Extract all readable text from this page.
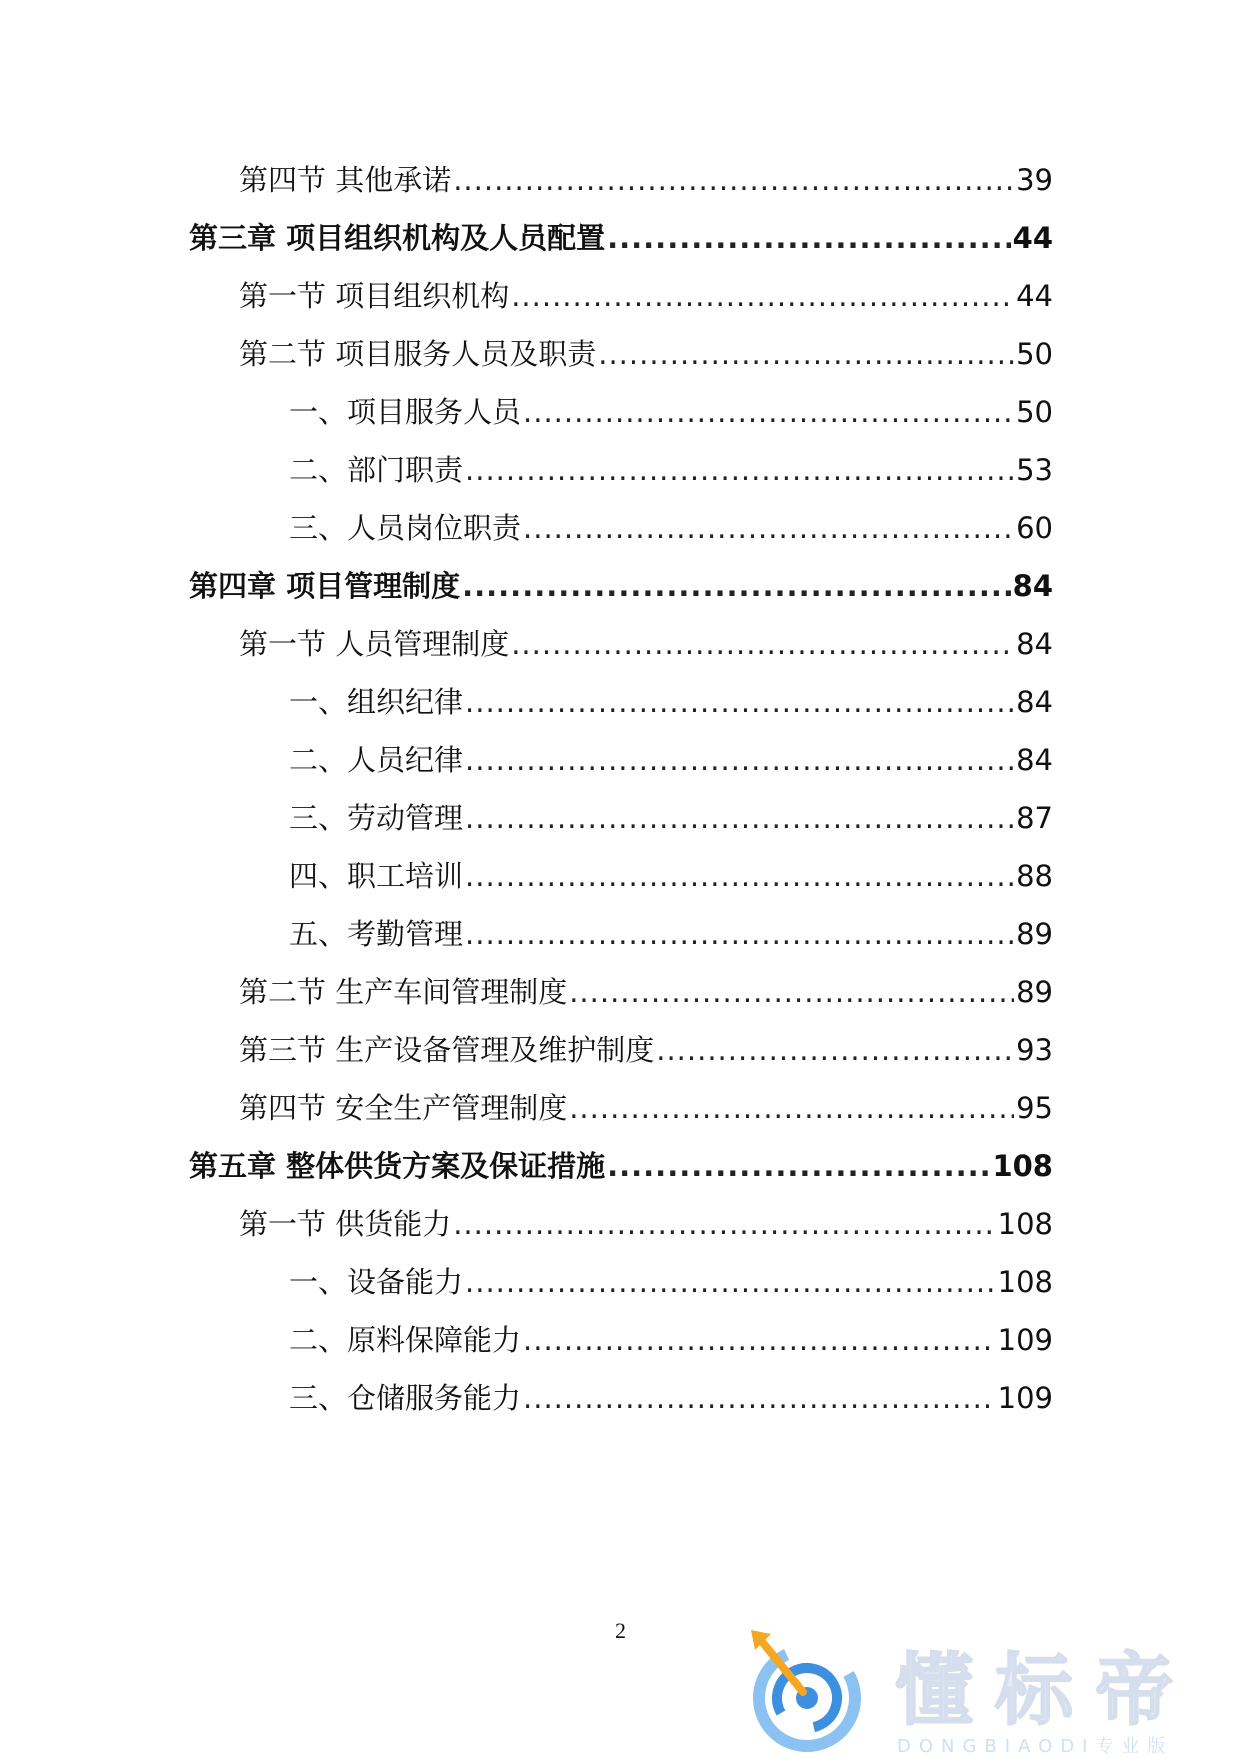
第四节 其他承诺 .....	39
第三章 项目组织机构及人员配置 .....	44
第一节 项目组织机构 .....	44
第二节 项目服务人员及职责 .....	50
一、项目服务人员 .....	50
二、部门职责 .....	53
三、人员岗位职责 .....	60
第四章 项目管理制度 .....	84
第一节 人员管理制度 .....	84
一、组织纪律 .....	84
二、人员纪律 .....	84
三、劳动管理 .....	87
四、职工培训 .....	88
五、考勤管理 .....	89
第二节 生产车间管理制度 .....	89
第三节 生产设备管理及维护制度 .....	93
第四节 安全生产管理制度 .....	95
第五章 整体供货方案及保证措施 .....	108
第一节 供货能力 .....	108
一、设备能力 .....	108
二、原料保障能力 .....	109
三、仓储服务能力 .....	109
2
懂标帝
DONGBIAODI专业版
